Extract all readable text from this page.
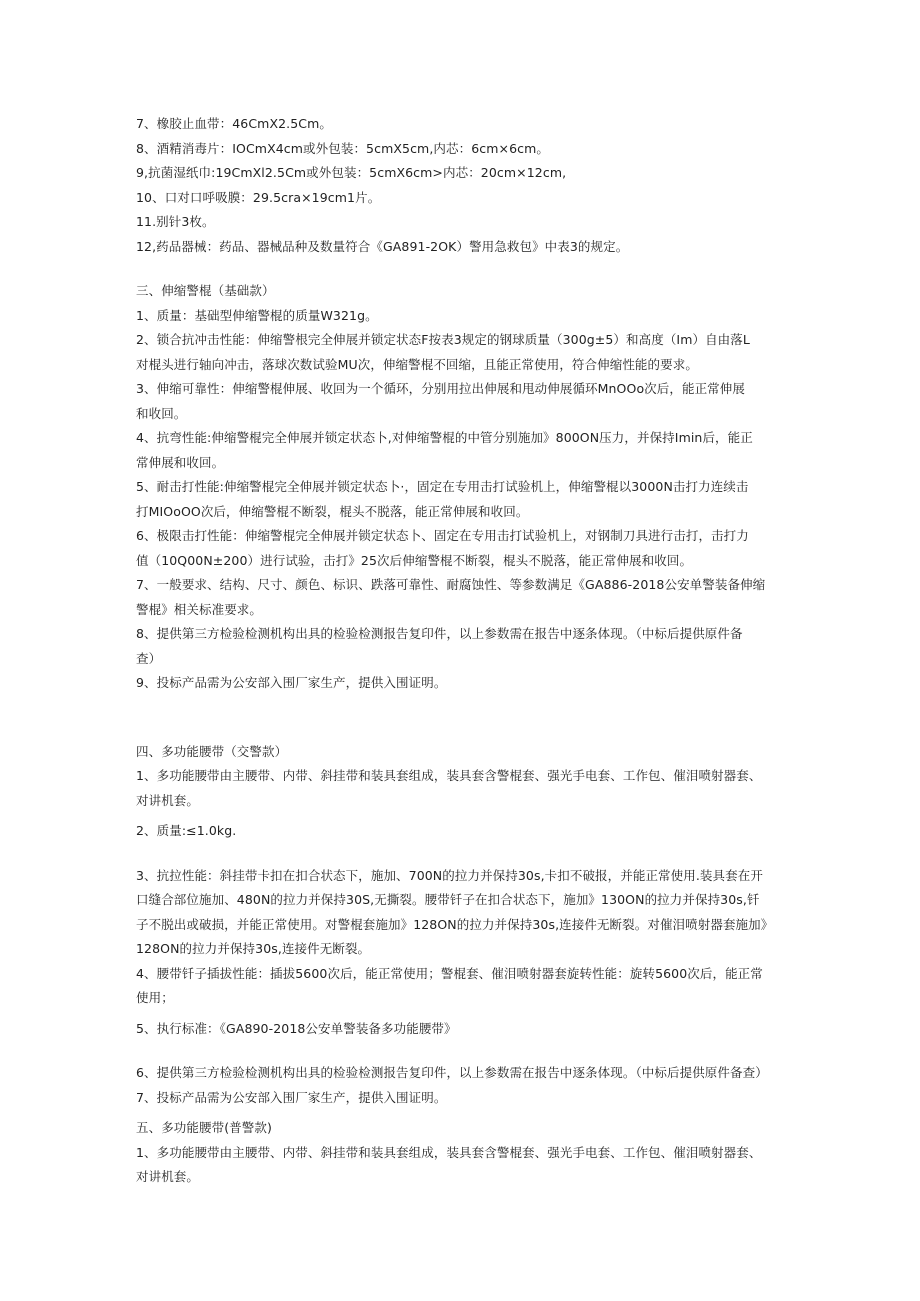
7、橡胶止血带：46CmX2.5Cm。
8、酒精消毒片：IOCmX4cm或外包装：5cmX5cm,内芯：6cm×6cm。
9,抗菌湿纸巾:19CmXl2.5Cm或外包装：5cmX6cm>内芯：20cm×12cm,
10、口对口呼吸膜：29.5cra×19cm1片。
11.别针3枚。
12,药品器械：药品、器械品种及数量符合《GA891-2OK）警用急救包》中表3的规定。
三、伸缩警棍（基础款）
1、质量：基础型伸缩警棍的质量W321g。
2、锁合抗冲击性能：伸缩警根完全伸展并锁定状态F按表3规定的钢球质量（300g±5）和高度（Im）自由落L
对棍头进行轴向冲击，落球次数试验MU次，伸缩警棍不回缩，且能正常使用，符合伸缩性能的要求。
3、伸缩可靠性：伸缩警棍伸展、收回为一个循环，分别用拉出伸展和甩动伸展循环MnOOo次后，能正常伸展
和收回。
4、抗弯性能:伸缩警棍完全伸展并锁定状态卜,对伸缩警棍的中管分别施加》800ON压力，并保持Imin后，能正
常伸展和收回。
5、耐击打性能:伸缩警棍完全伸展并锁定状态卜·，固定在专用击打试验机上，伸缩警棍以3000N击打力连续击
打MIOoOO次后，伸缩警棍不断裂，棍头不脱落，能正常伸展和收回。
6、极限击打性能：伸缩警棍完全伸展并锁定状态卜、固定在专用击打试验机上，对钢制刀具进行击打，击打力
值（10Q00N±200）进行试验，击打》25次后伸缩警棍不断裂，棍头不脱落，能正常伸展和收回。
7、一般要求、结构、尺寸、颜色、标识、跌落可靠性、耐腐蚀性、等参数满足《GA886-2018公安单警装备伸缩
警棍》相关标准要求。
8、提供第三方检验检测机构出具的检验检测报告复印件，以上参数需在报告中逐条体现。（中标后提供原件备
查）
9、投标产品需为公安部入围厂家生产，提供入围证明。
四、多功能腰带（交警款）
1、多功能腰带由主腰带、内带、斜挂带和装具套组成，装具套含警棍套、强光手电套、工作包、催泪喷射器套、
对讲机套。
2、质量:≤1.0kg.
3、抗拉性能：斜挂带卡扣在扣合状态下，施加、700N的拉力并保持30s,卡扣不破报，并能正常使用.装具套在开
口缝合部位施加、480N的拉力并保持30S,无撕裂。腰带钎子在扣合状态下，施加》130ON的拉力并保持30s,钎
子不脱出或破损，并能正常使用。对警棍套施加》128ON的拉力并保持30s,连接件无断裂。对催泪喷射器套施加》
128ON的拉力并保持30s,连接件无断裂。
4、腰带钎子插拔性能：插拔5600次后，能正常使用；警棍套、催泪喷射器套旋转性能：旋转5600次后，能正常
使用；
5、执行标准：《GA890-2018公安单警装备多功能腰带》
6、提供第三方检验检测机构出具的检验检测报告复印件，以上参数需在报告中逐条体现。（中标后提供原件备查）
7、投标产品需为公安部入围厂家生产，提供入围证明。
五、多功能腰带(普警款)
1、多功能腰带由主腰带、内带、斜挂带和装具套组成，装具套含警棍套、强光手电套、工作包、催泪喷射器套、
对讲机套。
